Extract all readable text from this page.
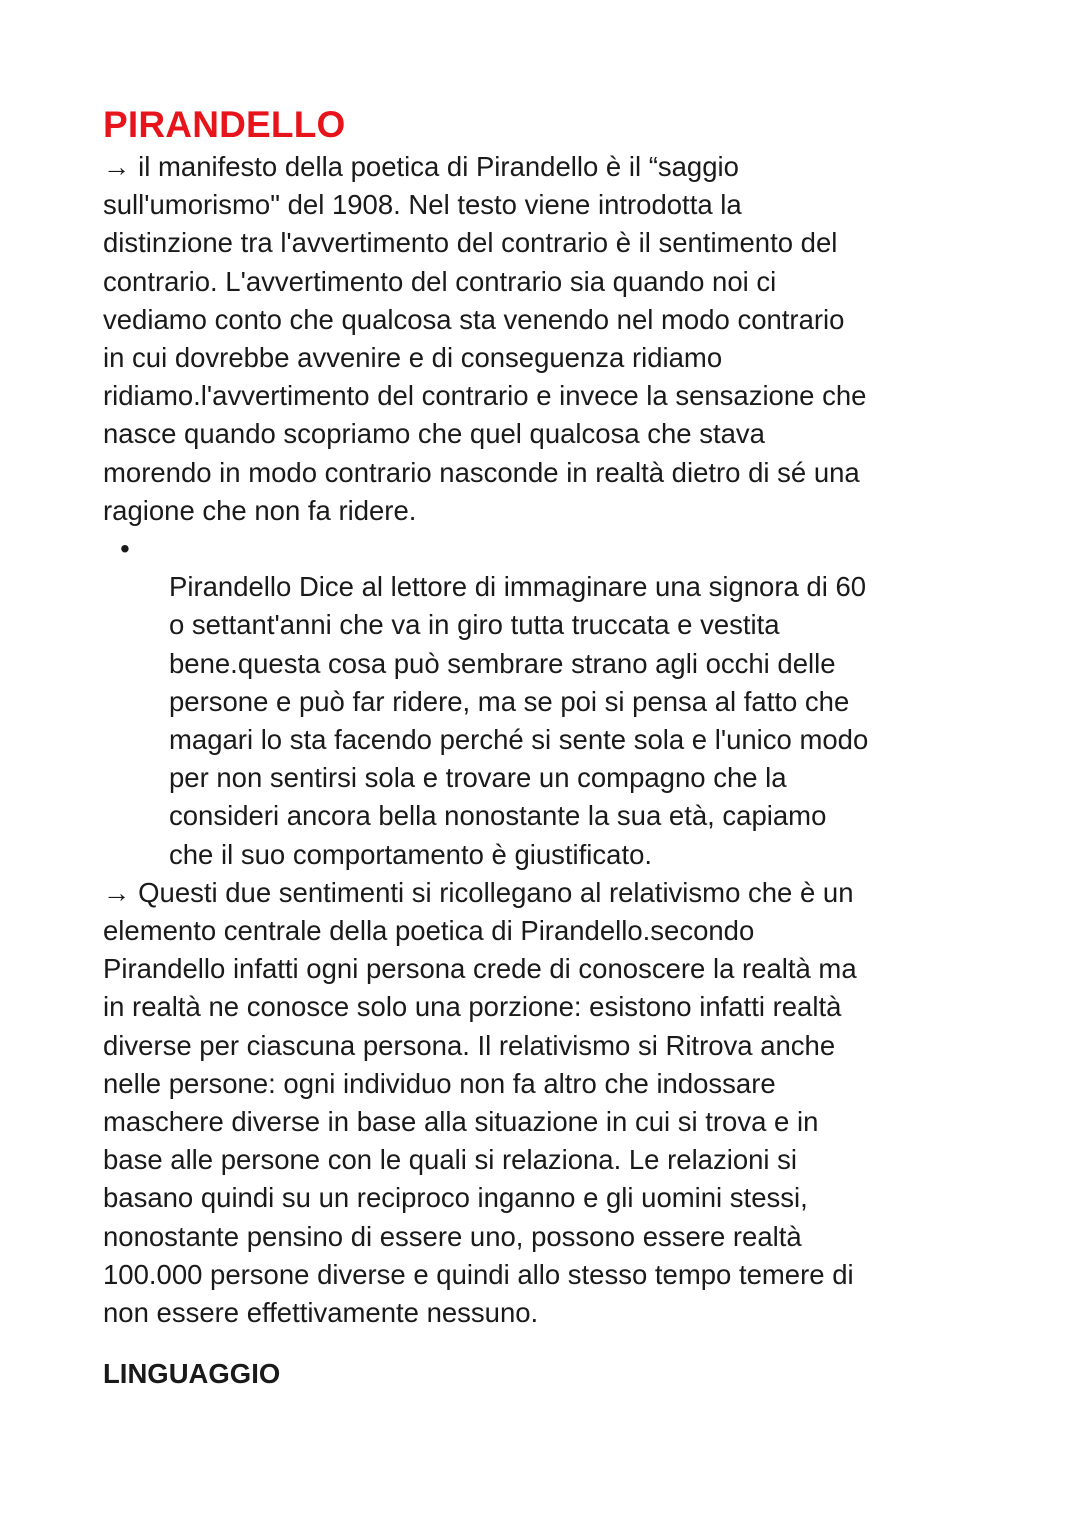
PIRANDELLO

→ il manifesto della poetica di Pirandello è il “saggio
sull'umorismo" del 1908. Nel testo viene introdotta la
distinzione tra l'avvertimento del contrario è il sentimento del
contrario. L'avvertimento del contrario sia quando noi ci
vediamo conto che qualcosa sta venendo nel modo contrario
in cui dovrebbe avvenire e di conseguenza ridiamo
ridiamo.l'avvertimento del contrario e invece la sensazione che
nasce quando scopriamo che quel qualcosa che stava
morendo in modo contrario nasconde in realtà dietro di sé una
ragione che non fa ridere.

•
Pirandello Dice al lettore di immaginare una signora di 60
o settant'anni che va in giro tutta truccata e vestita
bene.questa cosa può sembrare strano agli occhi delle
persone e può far ridere, ma se poi si pensa al fatto che
magari lo sta facendo perché si sente sola e l'unico modo
per non sentirsi sola e trovare un compagno che la
consideri ancora bella nonostante la sua età, capiamo
che il suo comportamento è giustificato.

→ Questi due sentimenti si ricollegano al relativismo che è un
elemento centrale della poetica di Pirandello.secondo
Pirandello infatti ogni persona crede di conoscere la realtà ma
in realtà ne conosce solo una porzione: esistono infatti realtà
diverse per ciascuna persona. Il relativismo si Ritrova anche
nelle persone: ogni individuo non fa altro che indossare
maschere diverse in base alla situazione in cui si trova e in
base alle persone con le quali si relaziona. Le relazioni si
basano quindi su un reciproco inganno e gli uomini stessi,
nonostante pensino di essere uno, possono essere realtà
100.000 persone diverse e quindi allo stesso tempo temere di
non essere effettivamente nessuno.

LINGUAGGIO
